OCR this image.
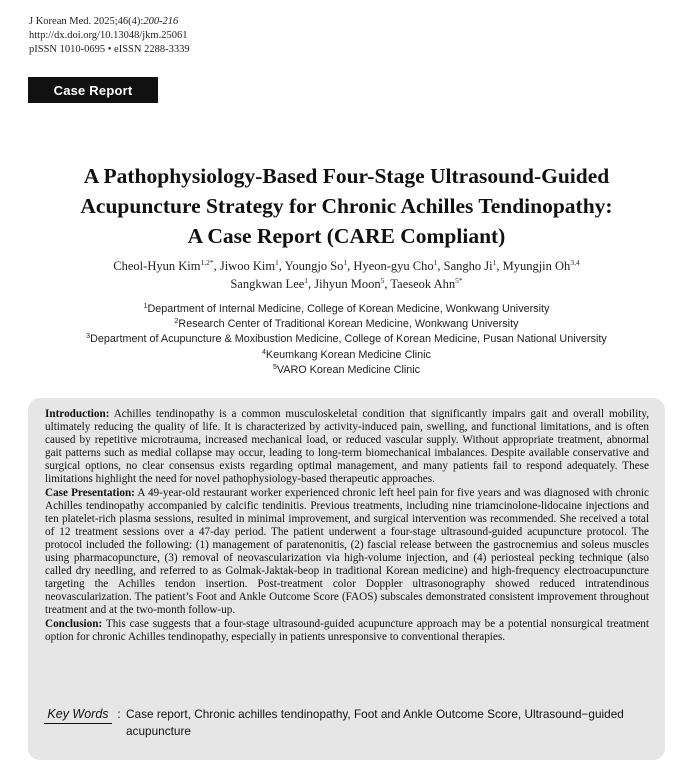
J Korean Med. 2025;46(4):200-216
http://dx.doi.org/10.13048/jkm.25061
pISSN 1010-0695 • eISSN 2288-3339
Case Report
A Pathophysiology-Based Four-Stage Ultrasound-Guided
Acupuncture Strategy for Chronic Achilles Tendinopathy:
A Case Report (CARE Compliant)
Cheol-Hyun Kim$^{1,2*}$, Jiwoo Kim$^1$, Youngjo So$^1$, Hyeon-gyu Cho$^1$, Sangho Ji$^1$, Myungjin Oh$^{3,4}$
Sangkwan Lee$^1$, Jihyun Moon$^5$, Taeseok Ahn$^{5*}$
$^1$Department of Internal Medicine, College of Korean Medicine, Wonkwang University
$^2$Research Center of Traditional Korean Medicine, Wonkwang University
$^3$Department of Acupuncture & Moxibustion Medicine, College of Korean Medicine, Pusan National University
$^4$Keumkang Korean Medicine Clinic
$^5$VARO Korean Medicine Clinic

Introduction: Achilles tendinopathy is a common musculoskeletal condition that significantly impairs gait and overall mobility, ultimately reducing the quality of life. It is characterized by activity-induced pain, swelling, and functional limitations, and is often caused by repetitive microtrauma, increased mechanical load, or reduced vascular supply. Without appropriate treatment, abnormal gait patterns such as medial collapse may occur, leading to long-term biomechanical imbalances. Despite available conservative and surgical options, no clear consensus exists regarding optimal management, and many patients fail to respond adequately. These limitations highlight the need for novel pathophysiology-based therapeutic approaches.

Case Presentation: A 49-year-old restaurant worker experienced chronic left heel pain for five years and was diagnosed with chronic Achilles tendinopathy accompanied by calcific tendinitis. Previous treatments, including nine triamcinolone-lidocaine injections and ten platelet-rich plasma sessions, resulted in minimal improvement, and surgical intervention was recommended. She received a total of 12 treatment sessions over a 47-day period. The patient underwent a four-stage ultrasound-guided acupuncture protocol. The protocol included the following: (1) management of paratenonitis, (2) fascial release between the gastrocnemius and soleus muscles using pharmacopuncture, (3) removal of neovascularization via high-volume injection, and (4) periosteal pecking technique (also called dry needling, and referred to as Golmak-Jaktak-beop in traditional Korean medicine) and high-frequency electroacupuncture targeting the Achilles tendon insertion. Post-treatment color Doppler ultrasonography showed reduced intratendinous neovascularization. The patient’s Foot and Ankle Outcome Score (FAOS) subscales demonstrated consistent improvement throughout treatment and at the two-month follow-up.

Conclusion: This case suggests that a four-stage ultrasound-guided acupuncture approach may be a potential nonsurgical treatment option for chronic Achilles tendinopathy, especially in patients unresponsive to conventional therapies.

Key Words : Case report, Chronic achilles tendinopathy, Foot and Ankle Outcome Score, Ultrasound−guided acupuncture
